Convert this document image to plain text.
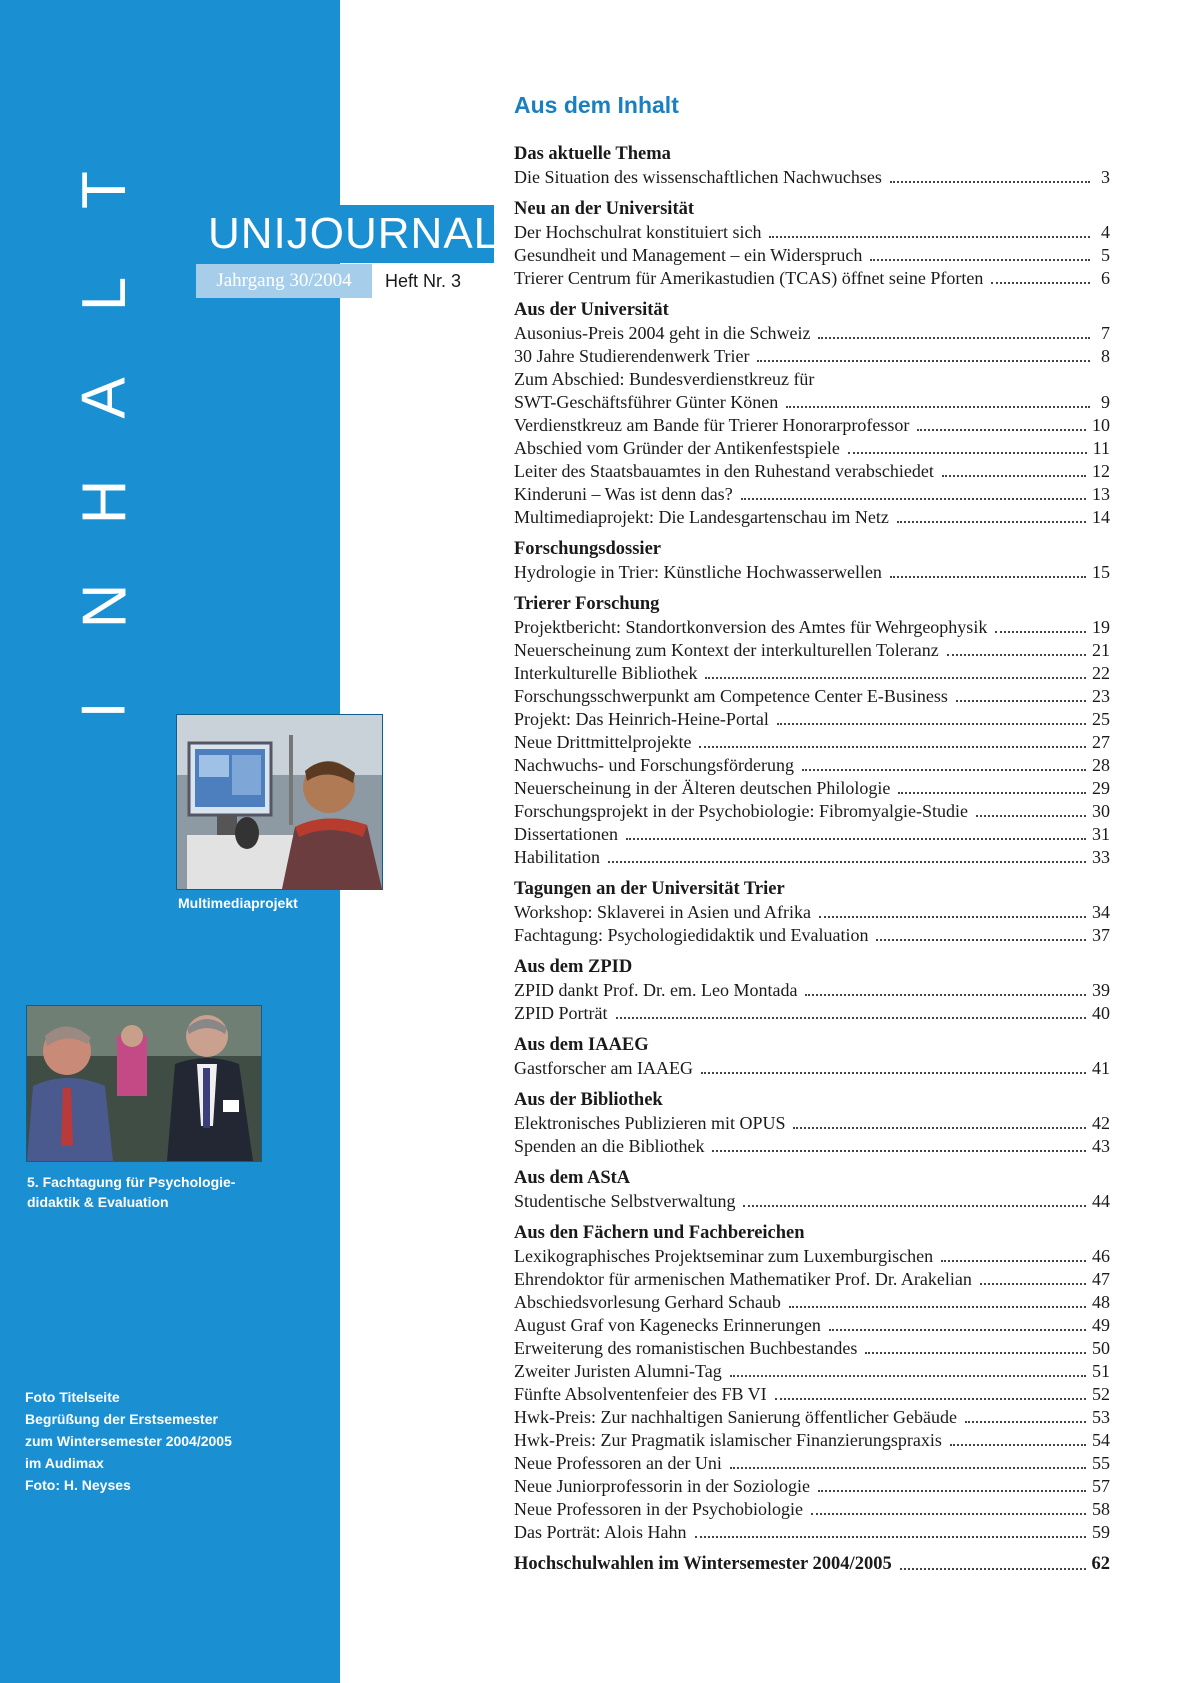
T
L
A
H
N
I
Multimediaprojekt
5. Fachtagung für Psychologie-
didaktik & Evaluation
Foto Titelseite
Begrüßung der Erstsemester
zum Wintersemester 2004/2005
im Audimax
Foto: H. Neyses
UNIJOURNAL
Jahrgang 30/2004	Heft Nr. 3
Aus dem Inhalt
Das aktuelle Thema
Die Situation des wissenschaftlichen Nachwuchses	3
Neu an der Universität
Der Hochschulrat konstituiert sich	4
Gesundheit und Management – ein Widerspruch	5
Trierer Centrum für Amerikastudien (TCAS) öffnet seine Pforten	6
Aus der Universität
Ausonius-Preis 2004 geht in die Schweiz	7
30 Jahre Studierendenwerk Trier	8
Zum Abschied: Bundesverdienstkreuz für
SWT-Geschäftsführer Günter Könen	9
Verdienstkreuz am Bande für Trierer Honorarprofessor	10
Abschied vom Gründer der Antikenfestspiele	11
Leiter des Staatsbauamtes in den Ruhestand verabschiedet	12
Kinderuni – Was ist denn das?	13
Multimediaprojekt: Die Landesgartenschau im Netz	14
Forschungsdossier
Hydrologie in Trier: Künstliche Hochwasserwellen	15
Trierer Forschung
Projektbericht: Standortkonversion des Amtes für Wehrgeophysik	19
Neuerscheinung zum Kontext der interkulturellen Toleranz	21
Interkulturelle Bibliothek	22
Forschungsschwerpunkt am Competence Center E-Business	23
Projekt: Das Heinrich-Heine-Portal	25
Neue Drittmittelprojekte	27
Nachwuchs- und Forschungsförderung	28
Neuerscheinung in der Älteren deutschen Philologie	29
Forschungsprojekt in der Psychobiologie: Fibromyalgie-Studie	30
Dissertationen	31
Habilitation	33
Tagungen an der Universität Trier
Workshop: Sklaverei in Asien und Afrika	34
Fachtagung: Psychologiedidaktik und Evaluation	37
Aus dem ZPID
ZPID dankt Prof. Dr. em. Leo Montada	39
ZPID Porträt	40
Aus dem IAAEG
Gastforscher am IAAEG	41
Aus der Bibliothek
Elektronisches Publizieren mit OPUS	42
Spenden an die Bibliothek	43
Aus dem AStA
Studentische Selbstverwaltung	44
Aus den Fächern und Fachbereichen
Lexikographisches Projektseminar zum Luxemburgischen	46
Ehrendoktor für armenischen Mathematiker Prof. Dr. Arakelian	47
Abschiedsvorlesung Gerhard Schaub	48
August Graf von Kagenecks Erinnerungen	49
Erweiterung des romanistischen Buchbestandes	50
Zweiter Juristen Alumni-Tag	51
Fünfte Absolventenfeier des FB VI	52
Hwk-Preis: Zur nachhaltigen Sanierung öffentlicher Gebäude	53
Hwk-Preis: Zur Pragmatik islamischer Finanzierungspraxis	54
Neue Professoren an der Uni	55
Neue Juniorprofessorin in der Soziologie	57
Neue Professoren in der Psychobiologie	58
Das Porträt: Alois Hahn	59
Hochschulwahlen im Wintersemester 2004/2005	62
